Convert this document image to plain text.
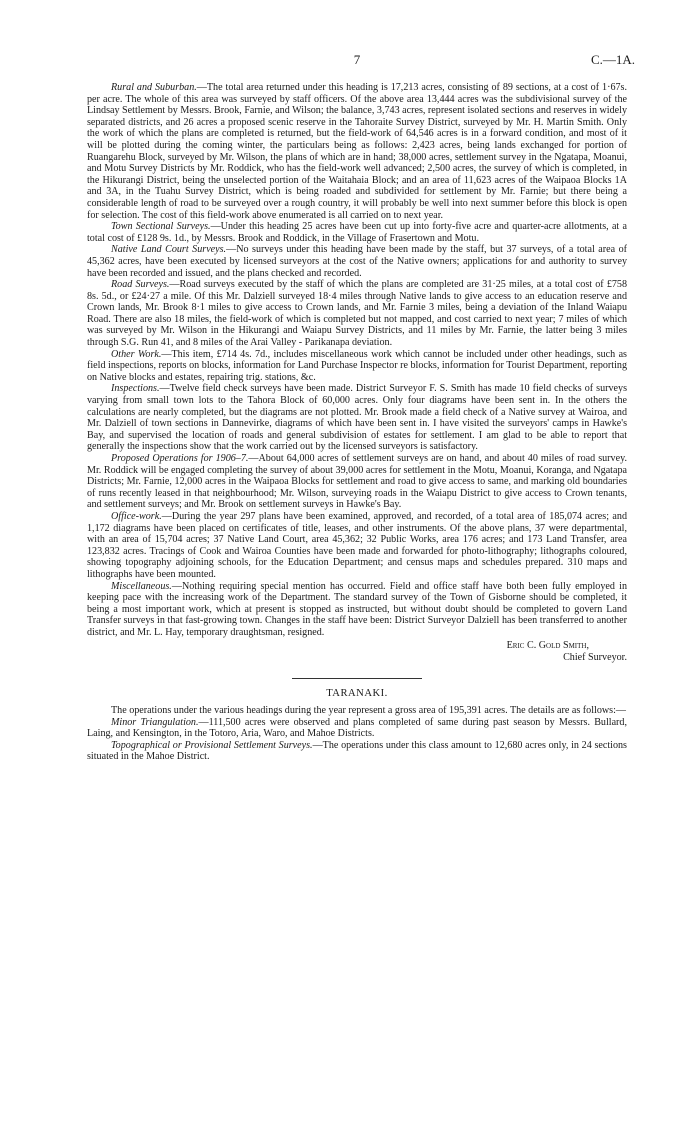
7	C.—1A.

Rural and Suburban.—The total area returned under this heading is 17,213 acres, consisting of 89 sections, at a cost of 1·67s. per acre. The whole of this area was surveyed by staff officers. Of the above area 13,444 acres was the subdivisional survey of the Lindsay Settlement by Messrs. Brook, Farnie, and Wilson; the balance, 3,743 acres, represent isolated sections and reserves in widely separated districts, and 26 acres a proposed scenic reserve in the Tahoraite Survey District, surveyed by Mr. H. Martin Smith. Only the work of which the plans are completed is returned, but the field-work of 64,546 acres is in a forward condition, and most of it will be plotted during the coming winter, the particulars being as follows: 2,423 acres, being lands exchanged for portion of Ruangarehu Block, surveyed by Mr. Wilson, the plans of which are in hand; 38,000 acres, settlement survey in the Ngatapa, Moanui, and Motu Survey Districts by Mr. Roddick, who has the field-work well advanced; 2,500 acres, the survey of which is completed, in the Hikurangi District, being the unselected portion of the Waitahaia Block; and an area of 11,623 acres of the Waipaoa Blocks 1A and 3A, in the Tuahu Survey District, which is being roaded and subdivided for settlement by Mr. Farnie; but there being a considerable length of road to be surveyed over a rough country, it will probably be well into next summer before this block is open for selection. The cost of this field-work above enumerated is all carried on to next year.

Town Sectional Surveys.—Under this heading 25 acres have been cut up into forty-five acre and quarter-acre allotments, at a total cost of £128 9s. 1d., by Messrs. Brook and Roddick, in the Village of Frasertown and Motu.

Native Land Court Surveys.—No surveys under this heading have been made by the staff, but 37 surveys, of a total area of 45,362 acres, have been executed by licensed surveyors at the cost of the Native owners; applications for and authority to survey have been recorded and issued, and the plans checked and recorded.

Road Surveys.—Road surveys executed by the staff of which the plans are completed are 31·25 miles, at a total cost of £758 8s. 5d., or £24·27 a mile. Of this Mr. Dalziell surveyed 18·4 miles through Native lands to give access to an education reserve and Crown lands, Mr. Brook 8·1 miles to give access to Crown lands, and Mr. Farnie 3 miles, being a deviation of the Inland Waiapu Road. There are also 18 miles, the field-work of which is completed but not mapped, and cost carried to next year; 7 miles of which was surveyed by Mr. Wilson in the Hikurangi and Waiapu Survey Districts, and 11 miles by Mr. Farnie, the latter being 3 miles through S.G. Run 41, and 8 miles of the Arai Valley - Parikanapa deviation.

Other Work.—This item, £714 4s. 7d., includes miscellaneous work which cannot be included under other headings, such as field inspections, reports on blocks, information for Land Purchase Inspector re blocks, information for Tourist Department, reporting on Native blocks and estates, repairing trig. stations, &c.

Inspections.—Twelve field check surveys have been made. District Surveyor F. S. Smith has made 10 field checks of surveys varying from small town lots to the Tahora Block of 60,000 acres. Only four diagrams have been sent in. In the others the calculations are nearly completed, but the diagrams are not plotted. Mr. Brook made a field check of a Native survey at Wairoa, and Mr. Dalziell of town sections in Dannevirke, diagrams of which have been sent in. I have visited the surveyors' camps in Hawke's Bay, and supervised the location of roads and general subdivision of estates for settlement. I am glad to be able to report that generally the inspections show that the work carried out by the licensed surveyors is satisfactory.

Proposed Operations for 1906–7.—About 64,000 acres of settlement surveys are on hand, and about 40 miles of road survey. Mr. Roddick will be engaged completing the survey of about 39,000 acres for settlement in the Motu, Moanui, Koranga, and Ngatapa Districts; Mr. Farnie, 12,000 acres in the Waipaoa Blocks for settlement and road to give access to same, and marking old boundaries of runs recently leased in that neighbourhood; Mr. Wilson, surveying roads in the Waiapu District to give access to Crown tenants, and settlement surveys; and Mr. Brook on settlement surveys in Hawke's Bay.

Office-work.—During the year 297 plans have been examined, approved, and recorded, of a total area of 185,074 acres; and 1,172 diagrams have been placed on certificates of title, leases, and other instruments. Of the above plans, 37 were departmental, with an area of 15,704 acres; 37 Native Land Court, area 45,362; 32 Public Works, area 176 acres; and 173 Land Transfer, area 123,832 acres. Tracings of Cook and Wairoa Counties have been made and forwarded for photo-lithography; lithographs coloured, showing topography adjoining schools, for the Education Department; and census maps and schedules prepared. 310 maps and lithographs have been mounted.

Miscellaneous.—Nothing requiring special mention has occurred. Field and office staff have both been fully employed in keeping pace with the increasing work of the Department. The standard survey of the Town of Gisborne should be completed, it being a most important work, which at present is stopped as instructed, but without doubt should be completed to govern Land Transfer surveys in that fast-growing town. Changes in the staff have been: District Surveyor Dalziell has been transferred to another district, and Mr. L. Hay, temporary draughtsman, resigned.

Eric C. Gold Smith,
Chief Surveyor.
TARANAKI.

The operations under the various headings during the year represent a gross area of 195,391 acres. The details are as follows:—

Minor Triangulation.—111,500 acres were observed and plans completed of same during past season by Messrs. Bullard, Laing, and Kensington, in the Totoro, Aria, Waro, and Mahoe Districts.

Topographical or Provisional Settlement Surveys.—The operations under this class amount to 12,680 acres only, in 24 sections situated in the Mahoe District.
